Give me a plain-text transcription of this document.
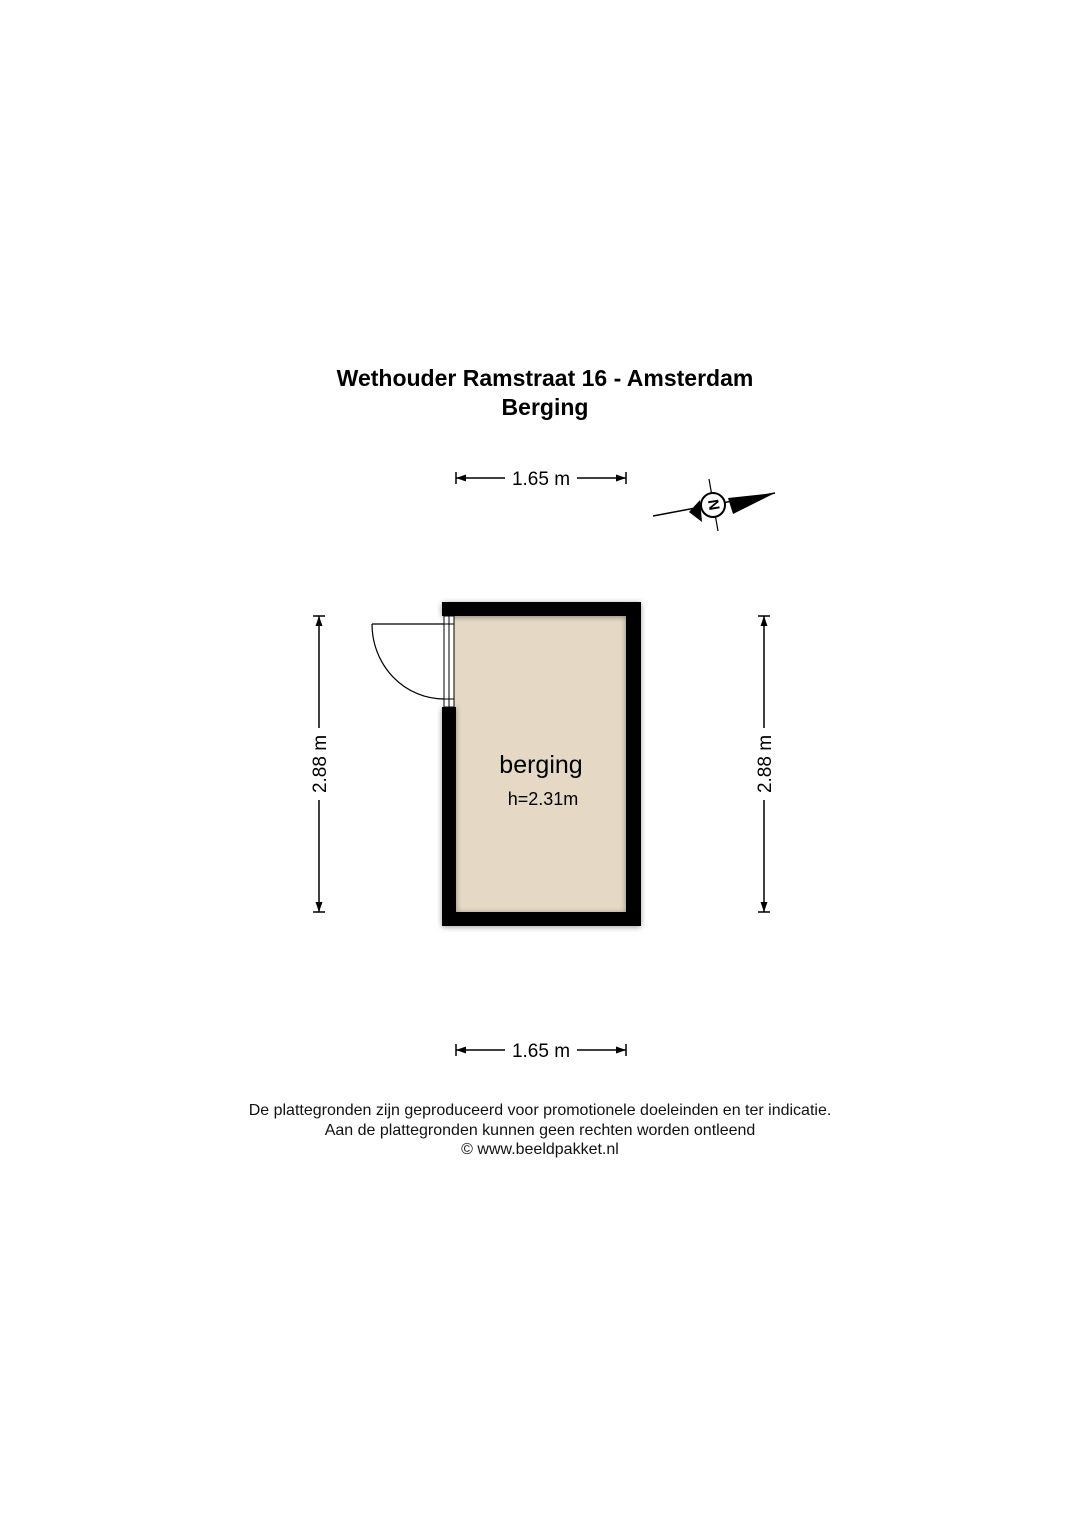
Wethouder Ramstraat 16 - Amsterdam
Berging
1.65 m
N
2.88 m	2.88 m
berging
h=2.31m
1.65 m
De plattegronden zijn geproduceerd voor promotionele doeleinden en ter indicatie.
Aan de plattegronden kunnen geen rechten worden ontleend
© www.beeldpakket.nl
